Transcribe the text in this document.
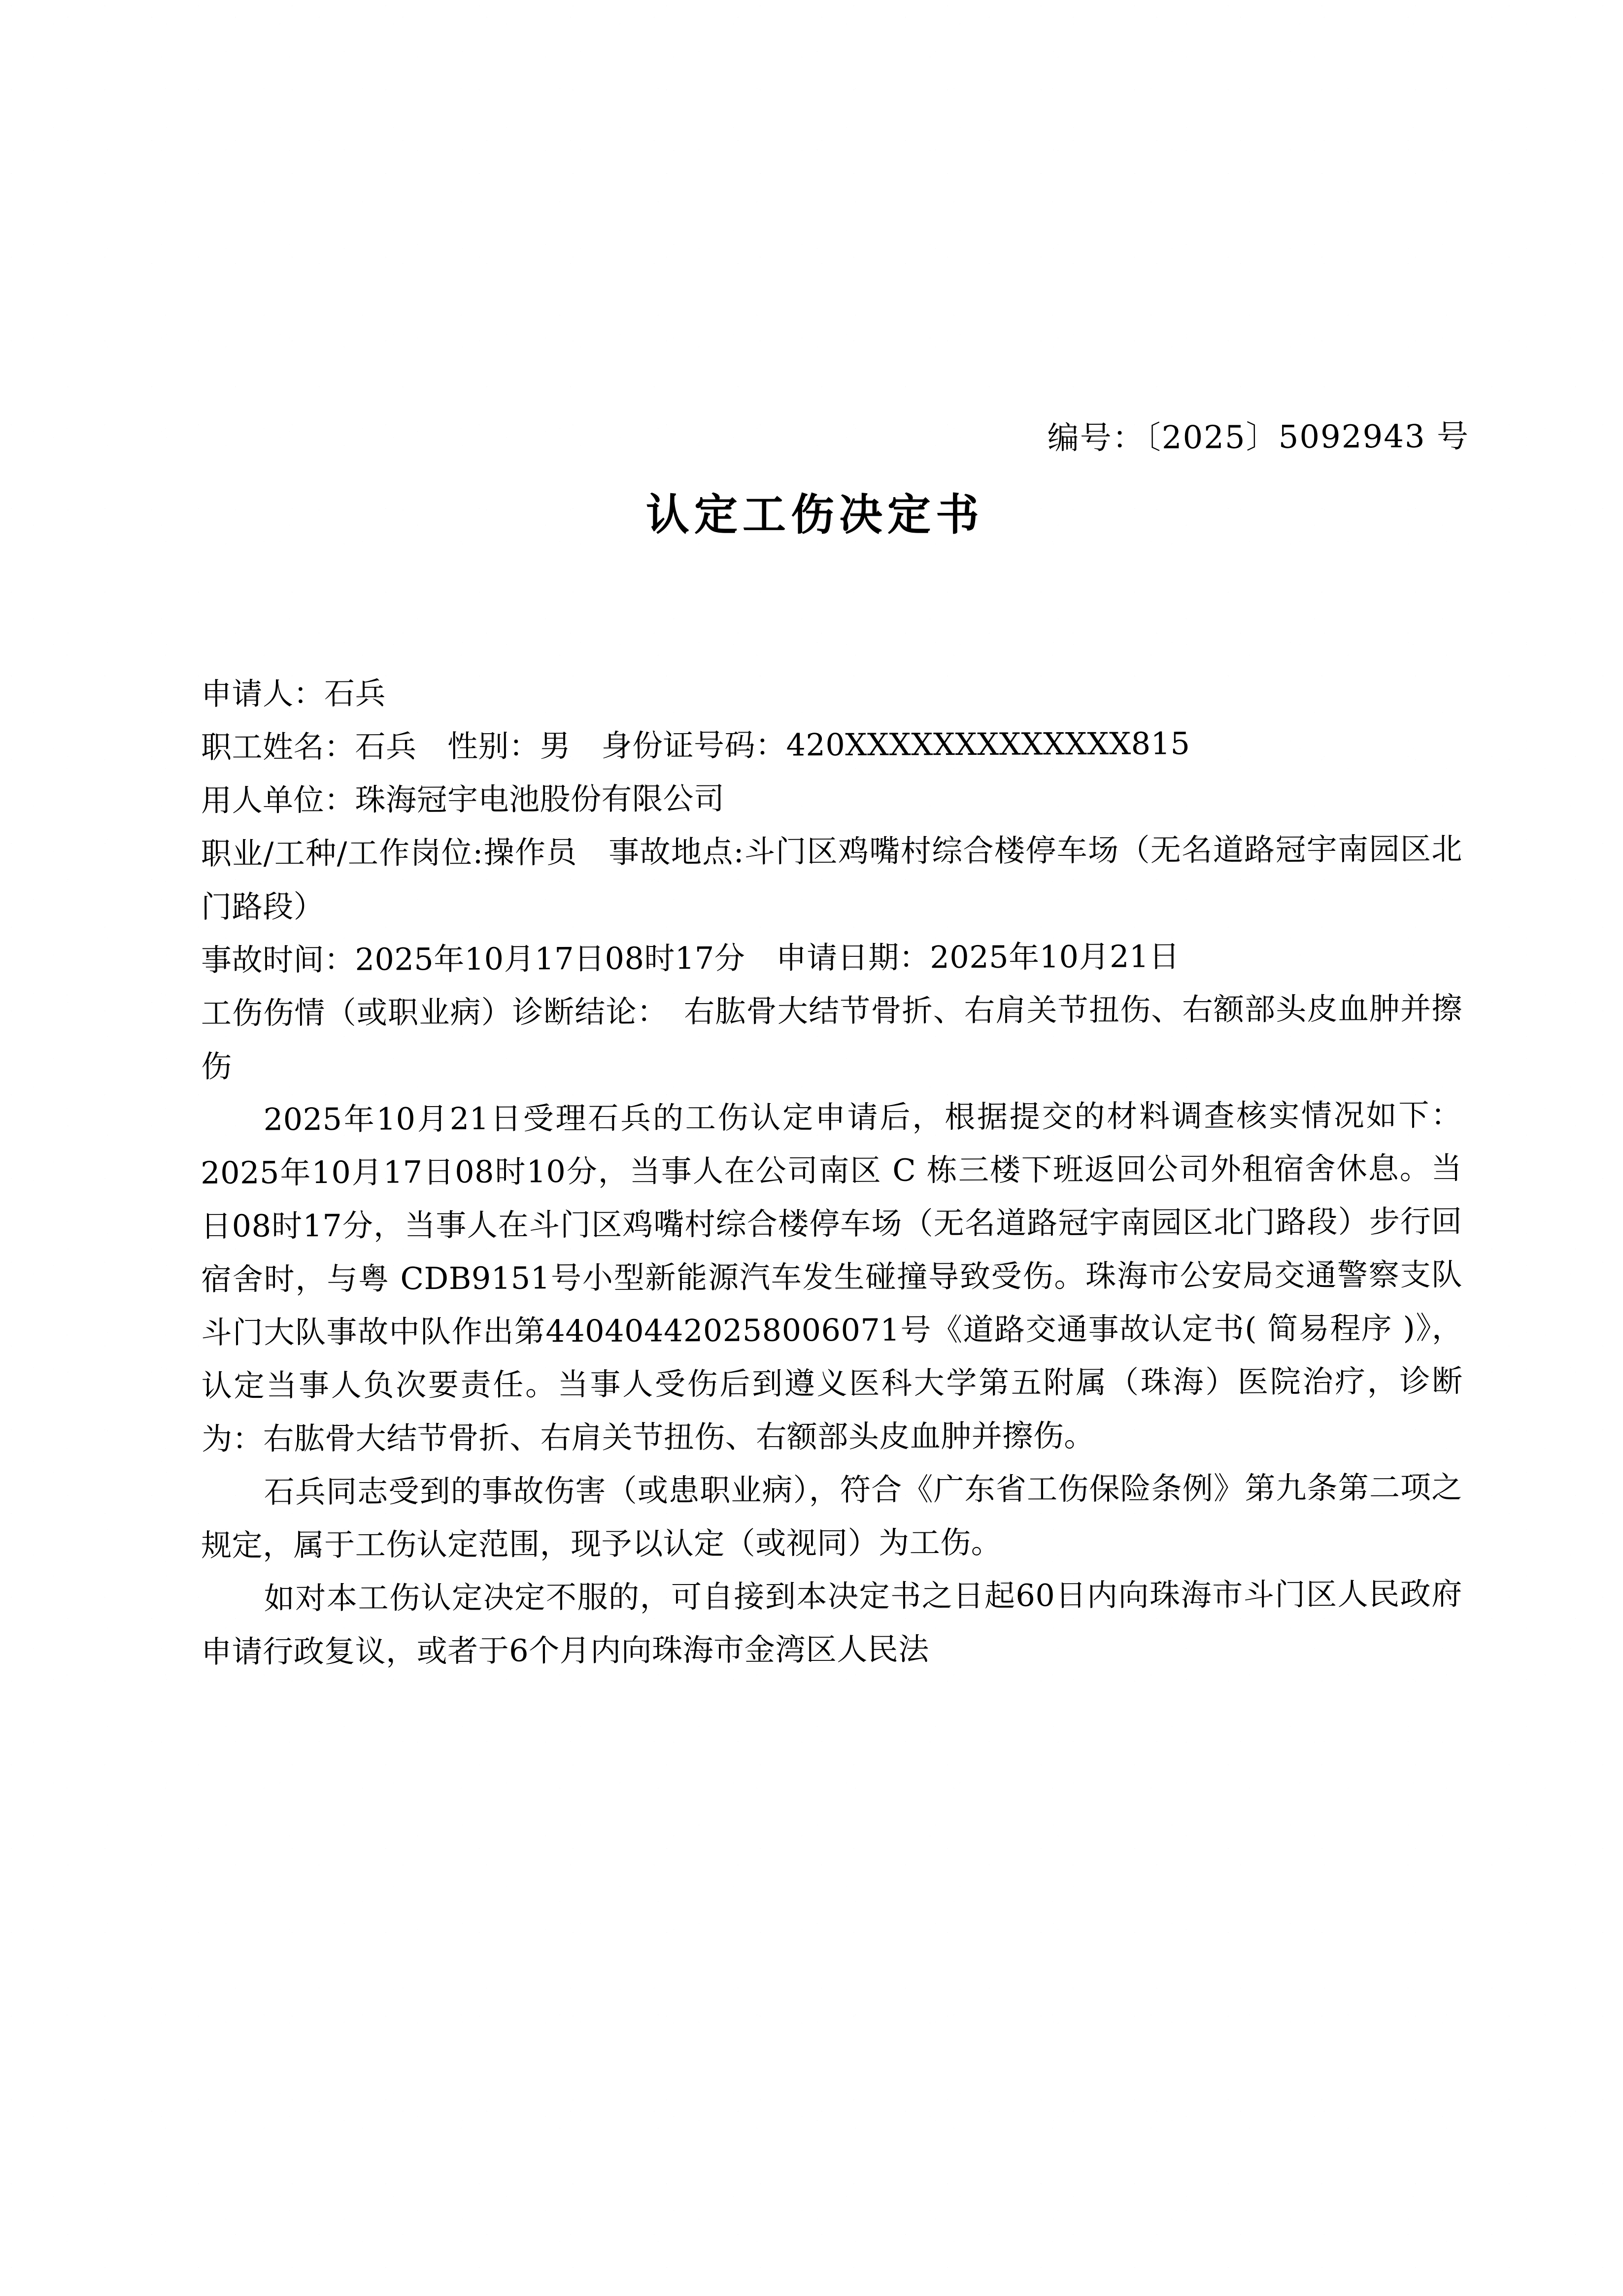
编号：〔2025〕5092943 号
认定工伤决定书

申请人：石兵

职工姓名：石兵　性别：男　身份证号码：420XXXXXXXXXXXXX815

用人单位：珠海冠宇电池股份有限公司

职业/工种/工作岗位:操作员　事故地点:斗门区鸡嘴村综合楼停车场（无名道路冠宇南园区北门路段）

事故时间：2025年10月17日08时17分　申请日期：2025年10月21日

工伤伤情（或职业病）诊断结论：　右肱骨大结节骨折、右肩关节扭伤、右额部头皮血肿并擦伤

2025年10月21日受理石兵的工伤认定申请后，根据提交的材料调查核实情况如下：2025年10月17日08时10分，当事人在公司南区 C 栋三楼下班返回公司外租宿舍休息。当日08时17分，当事人在斗门区鸡嘴村综合楼停车场（无名道路冠宇南园区北门路段）步行回宿舍时，与粤 CDB9151号小型新能源汽车发生碰撞导致受伤。珠海市公安局交通警察支队斗门大队事故中队作出第440404420258006071号《道路交通事故认定书( 简易程序 )》，认定当事人负次要责任。当事人受伤后到遵义医科大学第五附属（珠海）医院治疗，诊断为：右肱骨大结节骨折、右肩关节扭伤、右额部头皮血肿并擦伤。

石兵同志受到的事故伤害（或患职业病），符合《广东省工伤保险条例》第九条第二项之规定，属于工伤认定范围，现予以认定（或视同）为工伤。

如对本工伤认定决定不服的，可自接到本决定书之日起60日内向珠海市斗门区人民政府申请行政复议，或者于6个月内向珠海市金湾区人民法
